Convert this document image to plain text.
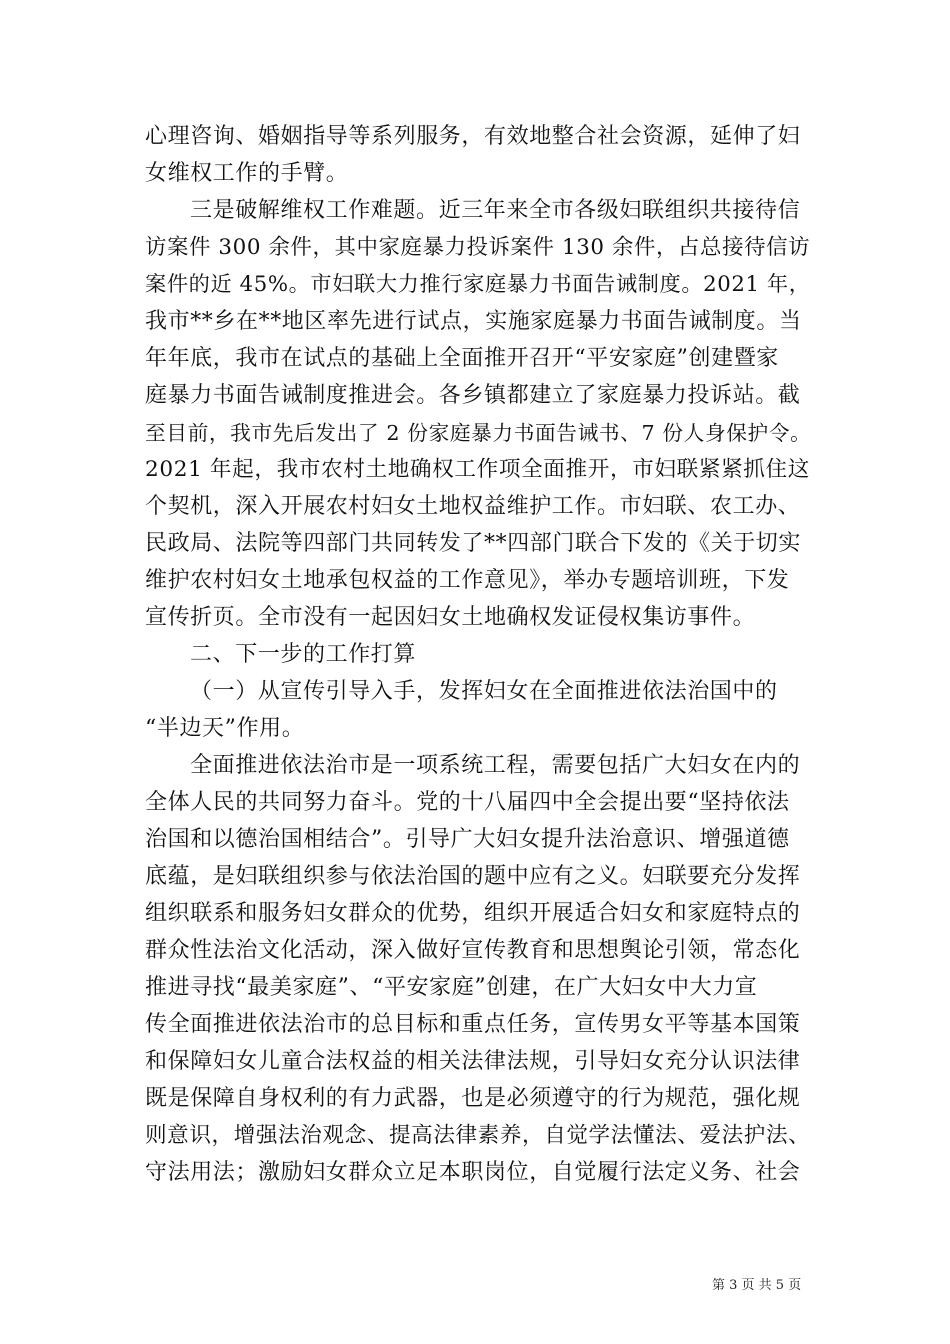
心理咨询、婚姻指导等系列服务，有效地整合社会资源，延伸了妇
女维权工作的手臂。
三是破解维权工作难题。近三年来全市各级妇联组织共接待信
访案件 300 余件，其中家庭暴力投诉案件 130 余件，占总接待信访
案件的近 45%。市妇联大力推行家庭暴力书面告诫制度。2021 年，
我市**乡在**地区率先进行试点，实施家庭暴力书面告诫制度。当
年年底，我市在试点的基础上全面推开召开“平安家庭”创建暨家
庭暴力书面告诫制度推进会。各乡镇都建立了家庭暴力投诉站。截
至目前，我市先后发出了 2 份家庭暴力书面告诫书、7 份人身保护令。
2021 年起，我市农村土地确权工作项全面推开，市妇联紧紧抓住这
个契机，深入开展农村妇女土地权益维护工作。市妇联、农工办、
民政局、法院等四部门共同转发了**四部门联合下发的《关于切实
维护农村妇女土地承包权益的工作意见》，举办专题培训班，下发
宣传折页。全市没有一起因妇女土地确权发证侵权集访事件。
二、下一步的工作打算
（一）从宣传引导入手，发挥妇女在全面推进依法治国中的
“半边天”作用。
全面推进依法治市是一项系统工程，需要包括广大妇女在内的
全体人民的共同努力奋斗。党的十八届四中全会提出要“坚持依法
治国和以德治国相结合”。引导广大妇女提升法治意识、增强道德
底蕴，是妇联组织参与依法治国的题中应有之义。妇联要充分发挥
组织联系和服务妇女群众的优势，组织开展适合妇女和家庭特点的
群众性法治文化活动，深入做好宣传教育和思想舆论引领，常态化
推进寻找“最美家庭”、“平安家庭”创建，在广大妇女中大力宣
传全面推进依法治市的总目标和重点任务，宣传男女平等基本国策
和保障妇女儿童合法权益的相关法律法规，引导妇女充分认识法律
既是保障自身权利的有力武器，也是必须遵守的行为规范，强化规
则意识，增强法治观念、提高法律素养，自觉学法懂法、爱法护法、
守法用法；激励妇女群众立足本职岗位，自觉履行法定义务、社会
第 3 页 共 5 页
